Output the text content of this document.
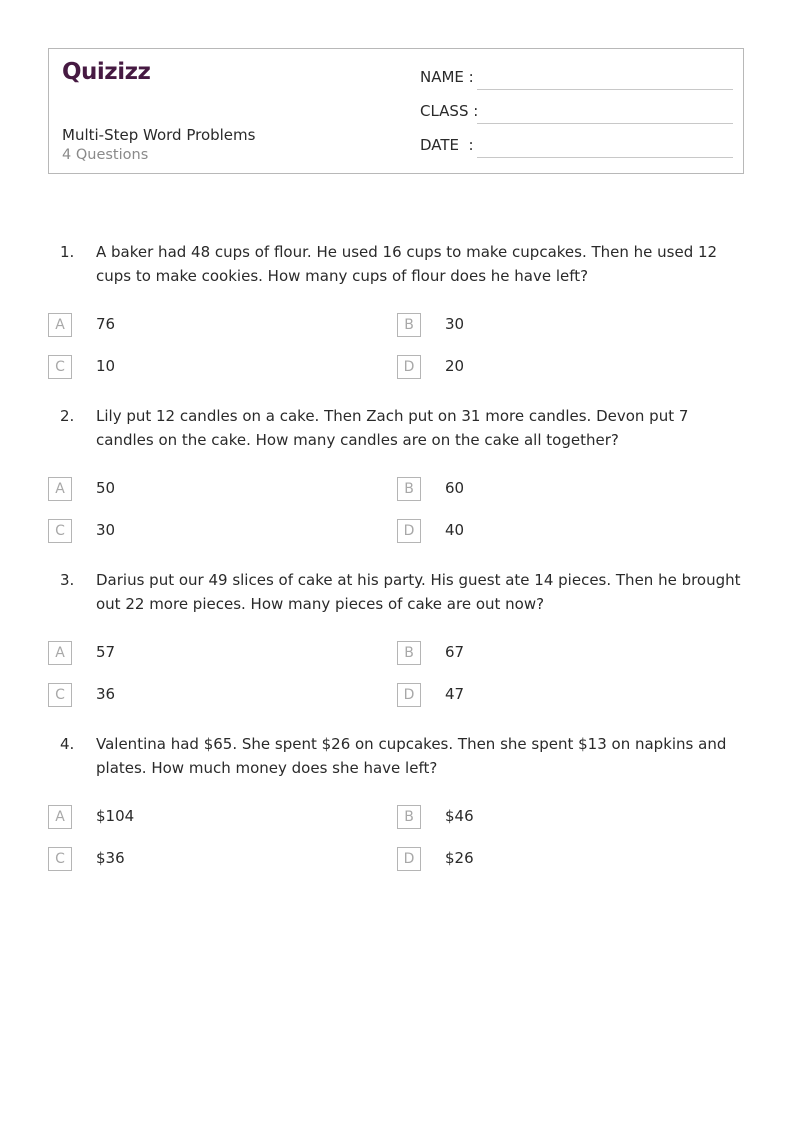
Quizizz
Multi-Step Word Problems
4 Questions
NAME :
CLASS :
DATE  :
1. A baker had 48 cups of flour. He used 16 cups to make cupcakes. Then he used 12 cups to make cookies. How many cups of flour does he have left?
A	76	B	30
C	10	D	20
2. Lily put 12 candles on a cake. Then Zach put on 31 more candles. Devon put 7 candles on the cake. How many candles are on the cake all together?
A	50	B	60
C	30	D	40
3. Darius put our 49 slices of cake at his party. His guest ate 14 pieces. Then he brought out 22 more pieces. How many pieces of cake are out now?
A	57	B	67
C	36	D	47
4. Valentina had $65. She spent $26 on cupcakes. Then she spent $13 on napkins and plates. How much money does she have left?
A	$104	B	$46
C	$36	D	$26
